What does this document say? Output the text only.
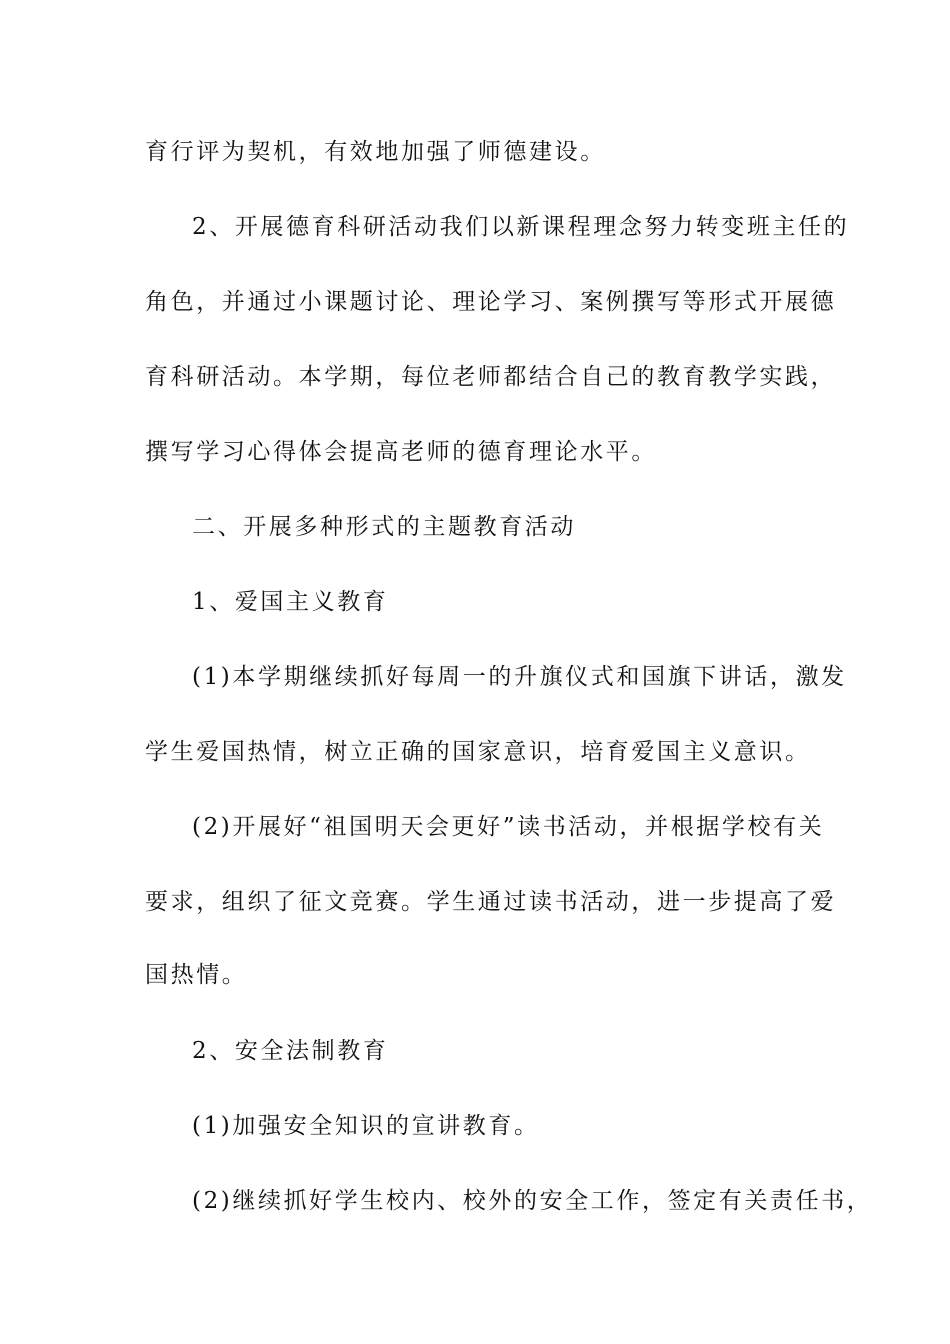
育行评为契机，有效地加强了师德建设。
2、开展德育科研活动我们以新课程理念努力转变班主任的
角色，并通过小课题讨论、理论学习、案例撰写等形式开展德
育科研活动。本学期，每位老师都结合自己的教育教学实践，
撰写学习心得体会提高老师的德育理论水平。
二、开展多种形式的主题教育活动
1、爱国主义教育
(1)本学期继续抓好每周一的升旗仪式和国旗下讲话，激发
学生爱国热情，树立正确的国家意识，培育爱国主义意识。
(2)开展好“祖国明天会更好”读书活动，并根据学校有关
要求，组织了征文竞赛。学生通过读书活动，进一步提高了爱
国热情。
2、安全法制教育
(1)加强安全知识的宣讲教育。
(2)继续抓好学生校内、校外的安全工作，签定有关责任书，
